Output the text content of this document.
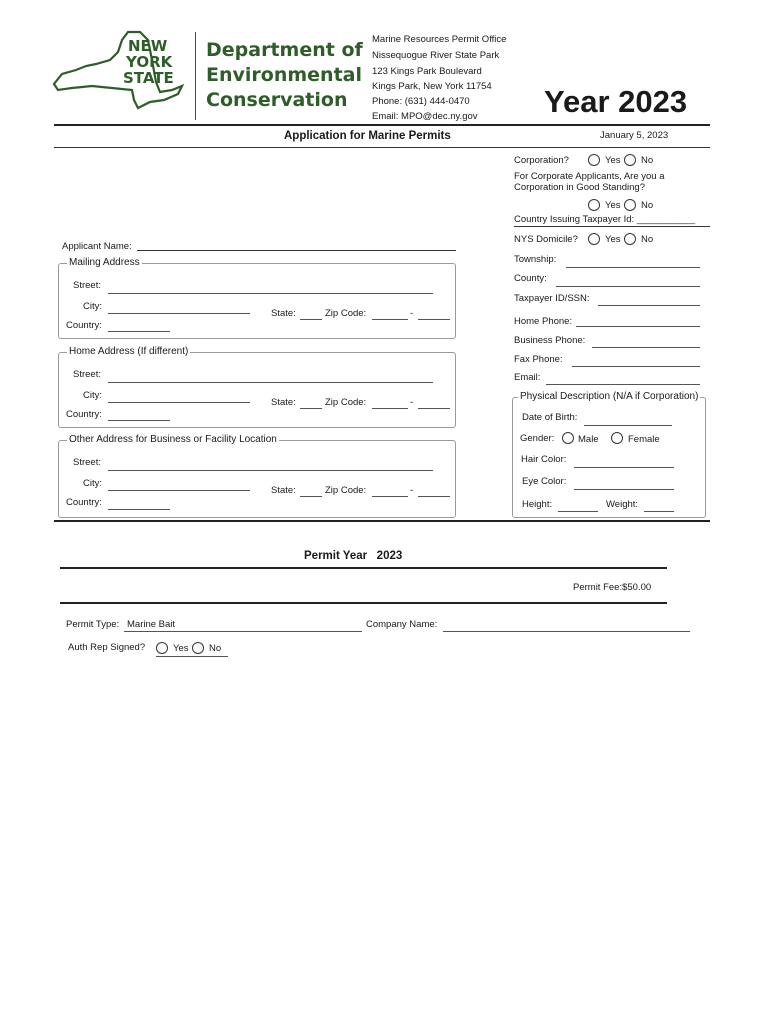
NEW
YORK
STATE
Department of
Environmental
Conservation
Marine Resources Permit Office
Nissequogue River State Park
123 Kings Park Boulevard
Kings Park, New York 11754
Phone: (631) 444-0470
Email: MPO@dec.ny.gov Year 2023
Application for Marine Permits	January 5, 2023
Corporation?	Yes No
For Corporate Applicants, Are you a
Corporation in Good Standing?
Yes No
Country Issuing Taxpayer Id: ___________
NYS Domicile?	Yes No
Township:
County:
Taxpayer ID/SSN:
Home Phone:
Business Phone:
Fax Phone:
Email:
Physical Description (N/A if Corporation)
Date of Birth:
Gender: Male	Female
Hair Color:
Eye Color:
Height:	Weight:
Applicant Name:
Mailing Address
Street:
City:
State:	Zip Code:	-
Country:
Home Address (If different)
Street:
City:
State:	Zip Code:	-
Country:
Other Address for Business or Facility Location
Street:
City:
State:	Zip Code:	-
Country:
Permit Year   2023
Permit Fee:$50.00
Permit Type: Marine Bait	Company Name:
Auth Rep Signed?	Yes No
